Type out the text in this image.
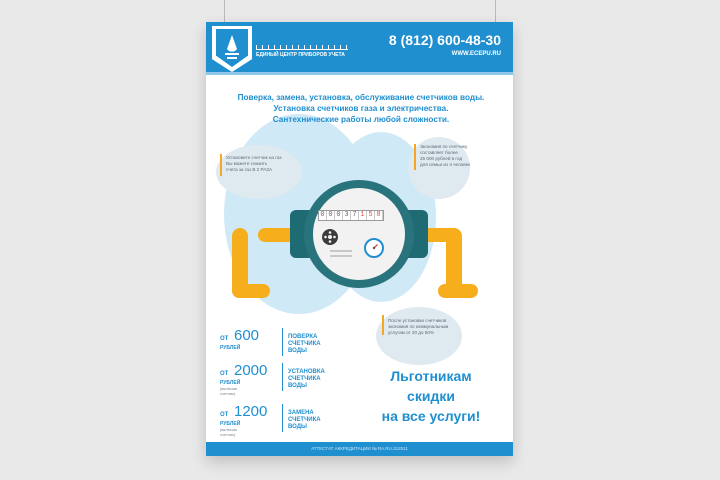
ЕДИНЫЙ ЦЕНТР ПРИБОРОВ УЧЕТА
8 (812) 600-48-30
WWW.ECEPU.RU
Поверка, замена, установка, обслуживание счетчиков воды.
Установка счетчиков газа и электричества.
Сантехнические работы любой сложности.
Установите счетчик на газ
Вы можете снизить
счета за газ В 2 РАЗА
Экономия по счетчику
составляет более
25 000 рублей в год
для семьи из 4 человек
0 0 0 3 7 1 5 8
После установки счетчиков
экономия по коммунальным
услугам от 30 до 50%
ОТ 600
РУБЛЕЙ
ПОВЕРКА
СЧЕТЧИКА ВОДЫ
ОТ 2000
РУБЛЕЙ
(включая счетчик)
УСТАНОВКА
СЧЕТЧИКА ВОДЫ
ОТ 1200
РУБЛЕЙ
(включая счетчик)
ЗАМЕНА
СЧЕТЧИКА ВОДЫ
Льготникам
скидки
на все услуги!
АТТЕСТАТ АККРЕДИТАЦИИ № RA.RU.312511
